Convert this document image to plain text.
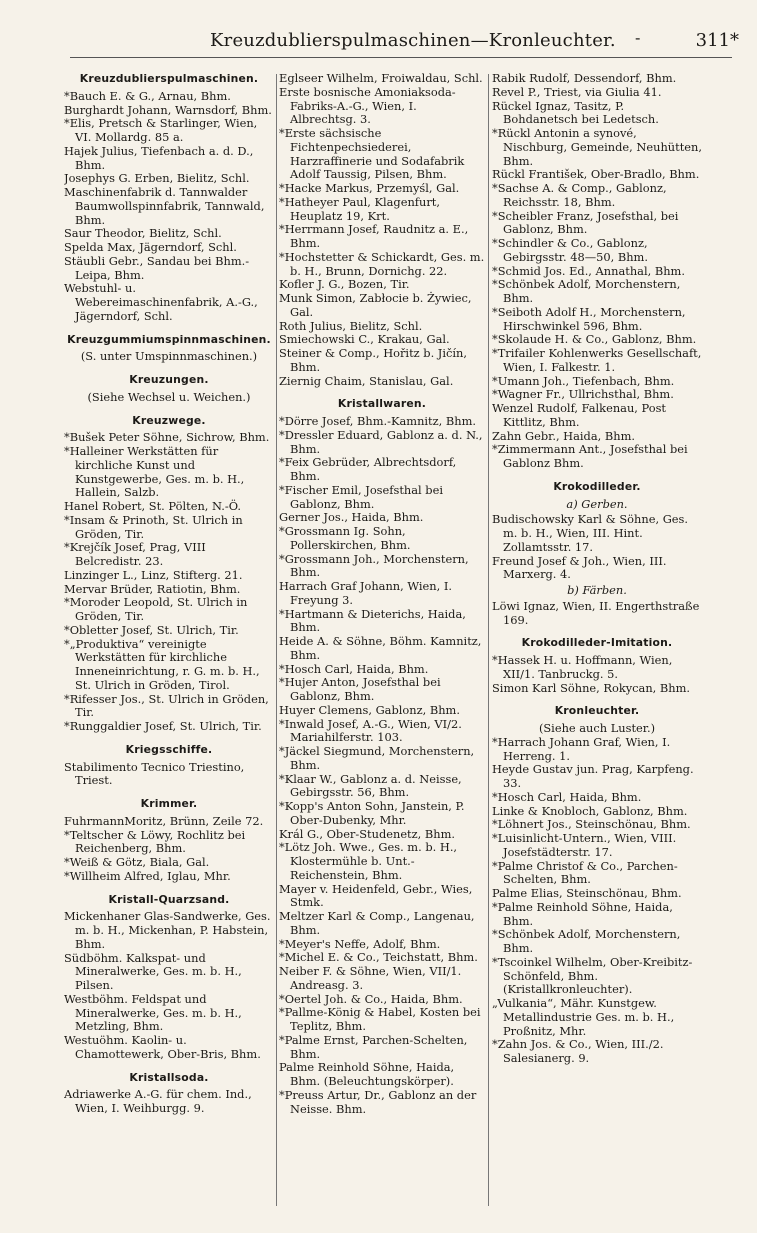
Kreuzdublierspulmaschinen—Kronleuchter. -	311*
Kreuzdublierspulmaschinen.
*Bauch E. & G., Arnau, Bhm.
Burghardt Johann, Warnsdorf, Bhm.
*Elis, Pretsch & Starlinger, Wien, VI. Mollardg. 85 a.
Hajek Julius, Tiefenbach a. d. D., Bhm.
Josephys G. Erben, Bielitz, Schl.
Maschinenfabrik d. Tannwalder Baumwollspinnfabrik, Tannwald, Bhm.
Saur Theodor, Bielitz, Schl.
Spelda Max, Jägerndorf, Schl.
Stäubli Gebr., Sandau bei Bhm.-Leipa, Bhm.
Webstuhl- u. Webereimaschinenfabrik, A.-G., Jägerndorf, Schl.
Kreuzgummiumspinnmaschinen.
(S. unter Umspinnmaschinen.)
Kreuzungen.
(Siehe Wechsel u. Weichen.)
Kreuzwege.
*Bušek Peter Söhne, Sichrow, Bhm.
*Halleiner Werkstätten für kirchliche Kunst und Kunstgewerbe, Ges. m. b. H., Hallein, Salzb.
Hanel Robert, St. Pölten, N.-Ö.
*Insam & Prinoth, St. Ulrich in Gröden, Tir.
*Krejčík Josef, Prag, VIII Belcredistr. 23.
Linzinger L., Linz, Stifterg. 21.
Mervar Brüder, Ratiotin, Bhm.
*Moroder Leopold, St. Ulrich in Gröden, Tir.
*Obletter Josef, St. Ulrich, Tir.
*„Produktiva“ vereinigte Werkstätten für kirchliche Inneneinrichtung, r. G. m. b. H., St. Ulrich in Gröden, Tirol.
*Rifesser Jos., St. Ulrich in Gröden, Tir.
*Runggaldier Josef, St. Ulrich, Tir.
Kriegsschiffe.
Stabilimento Tecnico Triestino, Triest.
Krimmer.
FuhrmannMoritz, Brünn, Zeile 72.
*Teltscher & Löwy, Rochlitz bei Reichenberg, Bhm.
*Weiß & Götz, Biala, Gal.
*Willheim Alfred, Iglau, Mhr.
Kristall-Quarzsand.
Mickenhaner Glas-Sandwerke, Ges. m. b. H., Mickenhan, P. Habstein, Bhm.
Südböhm. Kalkspat- und Mineralwerke, Ges. m. b. H., Pilsen.
Westböhm. Feldspat und Mineralwerke, Ges. m. b. H., Metzling, Bhm.
Westuöhm. Kaolin- u. Chamottewerk, Ober-Bris, Bhm.
Kristallsoda.
Adriawerke A.-G. für chem. Ind., Wien, I. Weihburgg. 9.
Eglseer Wilhelm, Froiwaldau, Schl.
Erste bosnische Amoniaksoda-Fabriks-A.-G., Wien, I. Albrechtsg. 3.
*Erste sächsische Fichtenpechsiederei, Harzraffinerie und Sodafabrik Adolf Taussig, Pilsen, Bhm.
*Hacke Markus, Przemyśl, Gal.
*Hatheyer Paul, Klagenfurt, Heuplatz 19, Krt.
*Herrmann Josef, Raudnitz a. E., Bhm.
*Hochstetter & Schickardt, Ges. m. b. H., Brunn, Dornichg. 22.
Kofler J. G., Bozen, Tir.
Munk Simon, Zabłocie b. Żywiec, Gal.
Roth Julius, Bielitz, Schl.
Smiechowski C., Krakau, Gal.
Steiner & Comp., Hořitz b. Jičín, Bhm.
Ziernig Chaim, Stanislau, Gal.
Kristallwaren.
*Dörre Josef, Bhm.-Kamnitz, Bhm.
*Dressler Eduard, Gablonz a. d. N., Bhm.
*Feix Gebrüder, Albrechtsdorf, Bhm.
*Fischer Emil, Josefsthal bei Gablonz, Bhm.
Gerner Jos., Haida, Bhm.
*Grossmann Ig. Sohn, Pollerskirchen, Bhm.
*Grossmann Joh., Morchenstern, Bhm.
Harrach Graf Johann, Wien, I. Freyung 3.
*Hartmann & Dieterichs, Haida, Bhm.
Heide A. & Söhne, Böhm. Kamnitz, Bhm.
*Hosch Carl, Haida, Bhm.
*Hujer Anton, Josefsthal bei Gablonz, Bhm.
Huyer Clemens, Gablonz, Bhm.
*Inwald Josef, A.-G., Wien, VI/2. Mariahilferstr. 103.
*Jäckel Siegmund, Morchenstern, Bhm.
*Klaar W., Gablonz a. d. Neisse, Gebirgsstr. 56, Bhm.
*Kopp's Anton Sohn, Janstein, P. Ober-Dubenky, Mhr.
Král G., Ober-Studenetz, Bhm.
*Lötz Joh. Wwe., Ges. m. b. H., Klostermühle b. Unt.-Reichenstein, Bhm.
Mayer v. Heidenfeld, Gebr., Wies, Stmk.
Meltzer Karl & Comp., Langenau, Bhm.
*Meyer's Neffe, Adolf, Bhm.
*Michel E. & Co., Teichstatt, Bhm.
Neiber F. & Söhne, Wien, VII/1. Andreasg. 3.
*Oertel Joh. & Co., Haida, Bhm.
*Pallme-König & Habel, Kosten bei Teplitz, Bhm.
*Palme Ernst, Parchen-Schelten, Bhm.
Palme Reinhold Söhne, Haida, Bhm. (Beleuchtungskörper).
*Preuss Artur, Dr., Gablonz an der Neisse. Bhm.
Rabik Rudolf, Dessendorf, Bhm.
Revel P., Triest, via Giulia 41.
Rückel Ignaz, Tasitz, P. Bohdanetsch bei Ledetsch.
*Rückl Antonin a synové, Nischburg, Gemeinde, Neuhütten, Bhm.
Rückl František, Ober-Bradlo, Bhm.
*Sachse A. & Comp., Gablonz, Reichsstr. 18, Bhm.
*Scheibler Franz, Josefsthal, bei Gablonz, Bhm.
*Schindler & Co., Gablonz, Gebirgsstr. 48—50, Bhm.
*Schmid Jos. Ed., Annathal, Bhm.
*Schönbek Adolf, Morchenstern, Bhm.
*Seiboth Adolf H., Morchenstern, Hirschwinkel 596, Bhm.
*Skolaude H. & Co., Gablonz, Bhm.
*Trifailer Kohlenwerks Gesellschaft, Wien, I. Falkestr. 1.
*Umann Joh., Tiefenbach, Bhm.
*Wagner Fr., Ullrichsthal, Bhm.
Wenzel Rudolf, Falkenau, Post Kittlitz, Bhm.
Zahn Gebr., Haida, Bhm.
*Zimmermann Ant., Josefsthal bei Gablonz Bhm.
Krokodilleder.
a) Gerben.
Budischowsky Karl & Söhne, Ges. m. b. H., Wien, III. Hint. Zollamtsstr. 17.
Freund Josef & Joh., Wien, III. Marxerg. 4.
b) Färben.
Löwi Ignaz, Wien, II. Engerthstraße 169.
Krokodilleder-Imitation.
*Hassek H. u. Hoffmann, Wien, XII/1. Tanbruckg. 5.
Simon Karl Söhne, Rokycan, Bhm.
Kronleuchter.
(Siehe auch Luster.)
*Harrach Johann Graf, Wien, I. Herreng. 1.
Heyde Gustav jun. Prag, Karpfeng. 33.
*Hosch Carl, Haida, Bhm.
Linke & Knobloch, Gablonz, Bhm.
*Löhnert Jos., Steinschönau, Bhm.
*Luisinlicht-Untern., Wien, VIII. Josefstädterstr. 17.
*Palme Christof & Co., Parchen-Schelten, Bhm.
Palme Elias, Steinschönau, Bhm.
*Palme Reinhold Söhne, Haida, Bhm.
*Schönbek Adolf, Morchenstern, Bhm.
*Tscoinkel Wilhelm, Ober-Kreibitz-Schönfeld, Bhm. (Kristallkronleuchter).
„Vulkania“, Mähr. Kunstgew. Metallindustrie Ges. m. b. H., Proßnitz, Mhr.
*Zahn Jos. & Co., Wien, III./2. Salesianerg. 9.
